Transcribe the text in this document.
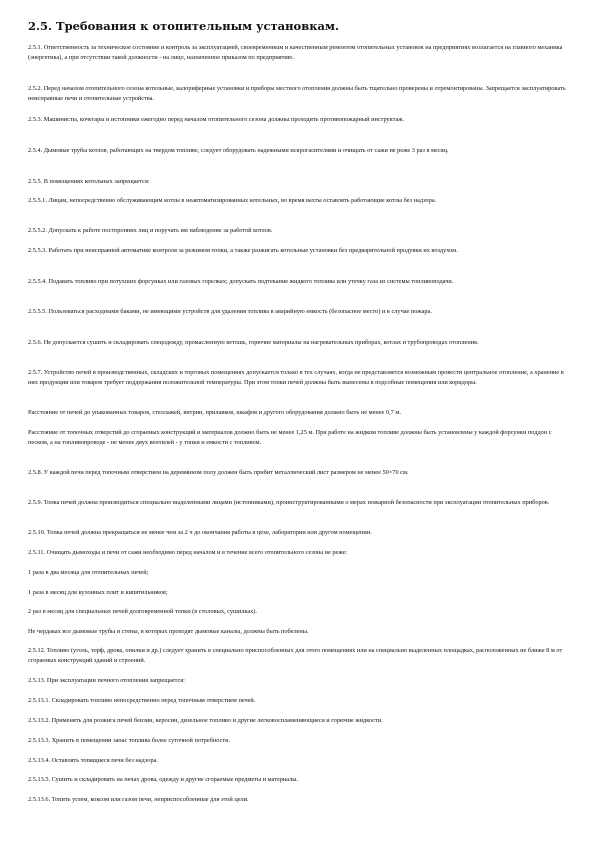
2.5. Требования к отопительным установкам.

2.5.1. Ответственность за техническое состояние и контроль за эксплуатацией, своевременным и качественным ремонтом отопительных установок на предприятиях возлагается на главного механика (энергетика), а при отсутствии такой должности - на лицо, назначенное приказом по предприятию.

2.5.2. Перед началом отопительного сезона котельные, калориферные установки и приборы местного отопления должны быть тщательно проверены и отремонтированы. Запрещается эксплуатировать неисправные печи и отопительные устройства.

2.5.3. Машинисты, кочегары и истопники ежегодно перед началом отопительного сезона должны проходить противопожарный инструктаж.

2.5.4. Дымовые трубы котлов, работающих на твердом топливе, следует оборудовать надежными искрогасителями и очищать от сажи не реже 3 раз в месяц.

2.5.5. В помещениях котельных запрещается:

2.5.5.1. Лицам, непосредственно обслуживающим котлы в неавтоматизированных котельных, во время вахты оставлять работающие котлы без надзора.

2.5.5.2. Допускать к работе посторонних лиц и поручать им наблюдение за работой котлов.

2.5.5.3. Работать при неисправной автоматике контроля за режимом топки, а также разжигать котельные установки без предварительной продувки их воздухом.

2.5.5.4. Подавать топливо при потухших форсунках или газовых горелках; допускать подтекание жидкого топлива или утечку газа из системы топливоподачи.

2.5.5.5. Пользоваться расходными баками, не имеющими устройств для удаления топлива в аварийную емкость (безопасное место) и в случае пожара.

2.5.6. Не допускается сушить и складировать спецодежду, промасленную ветошь, горючие материалы на нагревательных приборах, котлах и трубопроводах отопления.

2.5.7. Устройство печей в производственных, складских и торговых помещениях допускается только в тех случаях, когда не представляется возможным провести центральное отопление, а хранение в них продукции или товаров требует поддержания положительной температуры. При этом топки печей должны быть вынесены в подсобные помещения или коридоры.

Расстояние от печей до упакованных товаров, стеллажей, витрин, прилавков, шкафов и другого оборудования должно быть не менее 0,7 м.

Расстояние от топочных отверстий до сгораемых конструкций и материалов должно быть не менее 1,25 м. При работе на жидком топливе должны быть установлены у каждой форсунки поддон с песком, а на топливопроводе - не менее двух вентилей - у топки и емкости с топливом.

2.5.8. У каждой печи перед топочным отверстием на деревянном полу должен быть прибит металлический лист размером не менее 50×70 см.

2.5.9. Топка печей должна производиться специально выделенными лицами (истопниками), проинструктированными о мерах пожарной безопасности при эксплуатации отопительных приборов.

2.5.10. Топка печей должна прекращаться не менее чем за 2 ч до окончания работы в цехе, лаборатории или другом помещении.

2.5.11. Очищать дымоходы и печи от сажи необходимо перед началом и в течение всего отопительного сезона не реже:

1 раза в два месяца для отопительных печей;

1 раза в месяц для кухонных плит и кипятильников;

2 раз в месяц для специальных печей долговременной топки (в столовых, сушилках).

Не чердаках все дымовые трубы и стены, в которых проходят дымовые каналы, должны быть побелены.

2.5.12. Топливо (уголь, торф, дрова, опилки и др.) следует хранить в специально приспособленных для этого помещениях или на специально выделенных площадках, расположенных не ближе 8 м от сгораемых конструкций зданий и строений.

2.5.13. При эксплуатации печного отопления запрещается:

2.5.13.1. Складировать топливо непосредственно перед топочным отверстием печей.

2.5.13.2. Применять для розжига печей бензин, керосин, дизельное топливо и другие легковоспламеняющиеся и горючие жидкости.

2.5.13.3. Хранить в помещении запас топлива более суточной потребности.

2.5.13.4. Оставлять топящиеся печи без надзора.

2.5.13.5. Сушить и складировать на печах дрова, одежду и другие сгораемые предметы и материалы.

2.5.13.6. Топить углем, коксом или газом печи, неприспособленные для этой цели.
